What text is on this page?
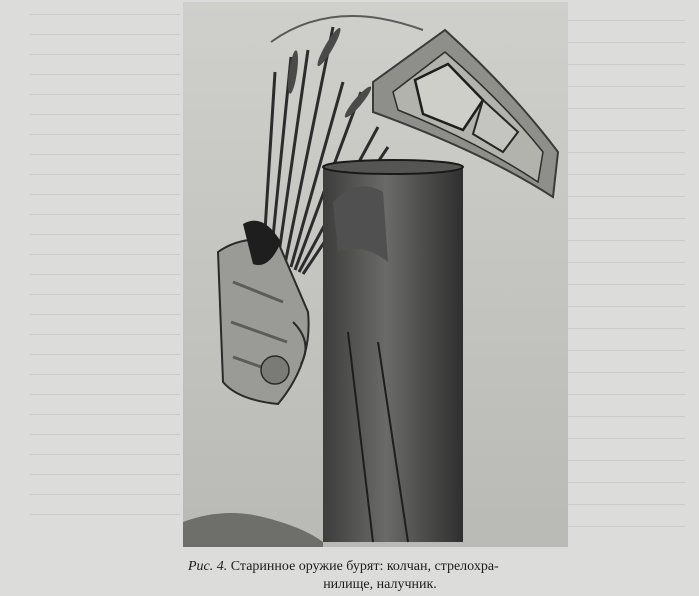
Рис. 4. Старинное оружие бурят: колчан, стрелохра-
нилище, налучник.
